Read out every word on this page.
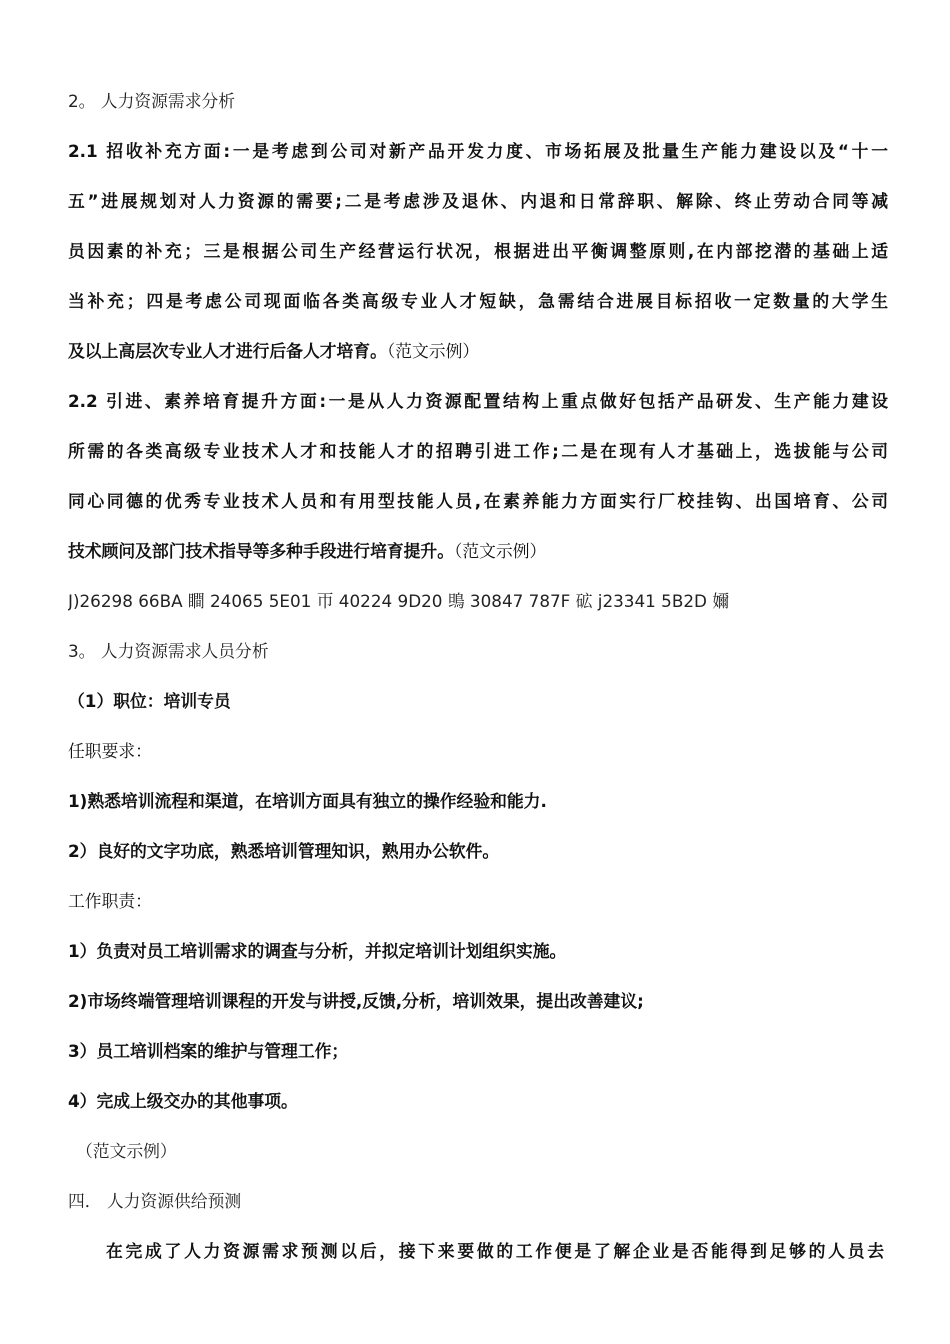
2。 人力资源需求分析
2.1 招收补充方面:一是考虑到公司对新产品开发力度、市场拓展及批量生产能力建设以及“十一
五”进展规划对人力资源的需要;二是考虑涉及退休、内退和日常辞职、解除、终止劳动合同等减
员因素的补充；三是根据公司生产经营运行状况，根据进出平衡调整原则,在内部挖潜的基础上适
当补充；四是考虑公司现面临各类高级专业人才短缺，急需结合进展目标招收一定数量的大学生
及以上高层次专业人才进行后备人才培育。（范文示例）
2.2 引进、素养培育提升方面:一是从人力资源配置结构上重点做好包括产品研发、生产能力建设
所需的各类高级专业技术人才和技能人才的招聘引进工作;二是在现有人才基础上，选拔能与公司
同心同德的优秀专业技术人员和有用型技能人员,在素养能力方面实行厂校挂钩、出国培育、公司
技术顾问及部门技术指导等多种手段进行培育提升。（范文示例）
J)26298 66BA 瞷 24065 5E01 帀 40224 9D20 鴠 30847 787F 砿 j23341 5B2D 嬭
3。 人力资源需求人员分析
（1）职位：培训专员
任职要求：
1)熟悉培训流程和渠道，在培训方面具有独立的操作经验和能力.
2）良好的文字功底，熟悉培训管理知识，熟用办公软件。
工作职责：
1）负责对员工培训需求的调查与分析，并拟定培训计划组织实施。
2)市场终端管理培训课程的开发与讲授,反馈,分析，培训效果，提出改善建议;
3）员工培训档案的维护与管理工作；
4）完成上级交办的其他事项。
（范文示例）
四． 人力资源供给预测
在完成了人力资源需求预测以后，接下来要做的工作便是了解企业是否能得到足够的人员去
